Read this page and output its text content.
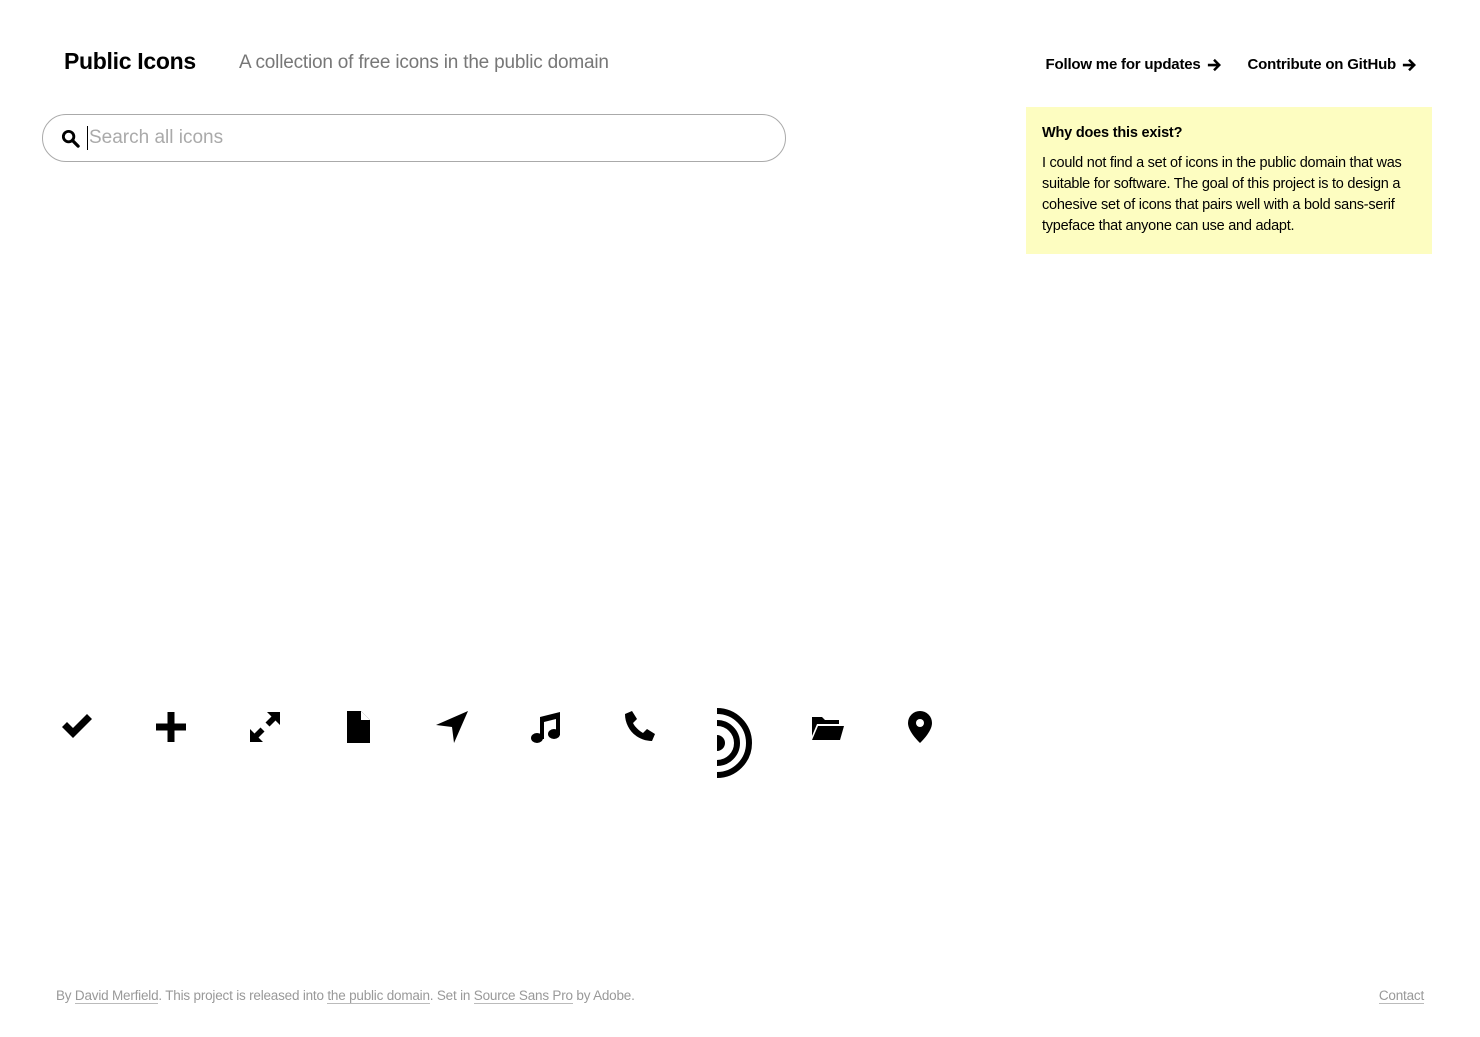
Public Icons A collection of free icons in the public domain	Follow me for updates	Contribute on GitHub
Search all icons
Why does this exist?
I could not find a set of icons in the public domain that was suitable for software. The goal of this project is to design a cohesive set of icons that pairs well with a bold sans-serif typeface that anyone can use and adapt.
By David Merfield. This project is released into the public domain. Set in Source Sans Pro by Adobe.	Contact
